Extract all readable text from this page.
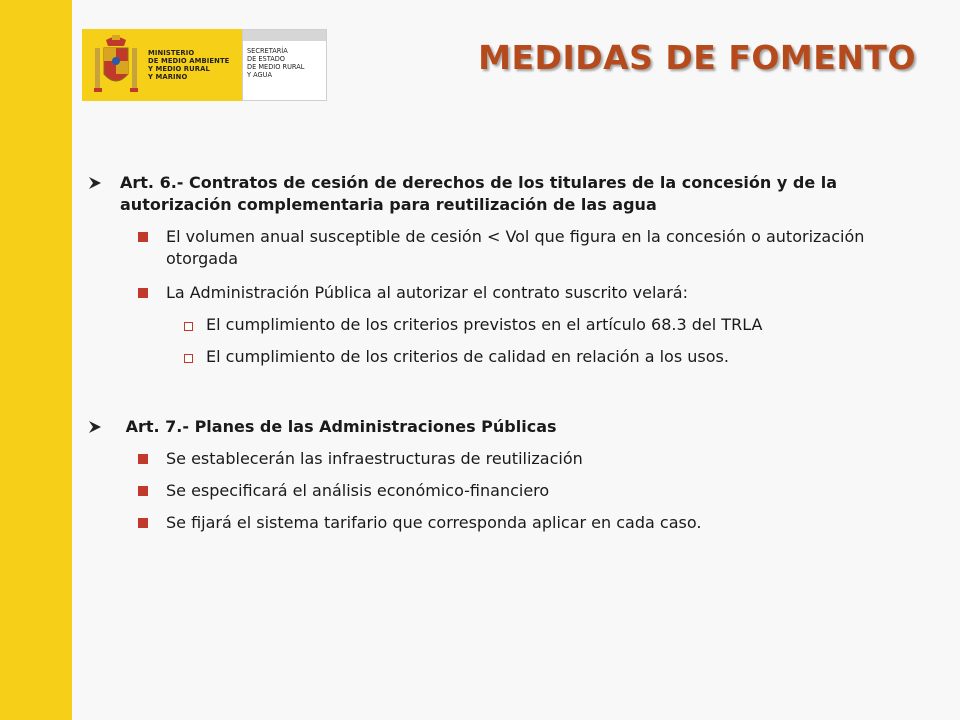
MINISTERIO
DE MEDIO AMBIENTE
Y MEDIO RURAL
Y MARINO
SECRETARÍA
DE ESTADO
DE MEDIO RURAL
Y AGUA	MEDIDAS DE FOMENTO

Art. 6.- Contratos de cesión de derechos de los titulares de la concesión y de la autorización complementaria para reutilización de las agua

El volumen anual susceptible de cesión < Vol que figura en la concesión o autorización otorgada

La Administración Pública al autorizar el contrato suscrito velará:

El cumplimiento de los criterios previstos en el artículo 68.3 del TRLA

El cumplimiento de los criterios de calidad en relación a los usos.

Art. 7.- Planes de las Administraciones Públicas

Se establecerán las infraestructuras de reutilización

Se especificará el análisis económico-financiero

Se fijará el sistema tarifario que corresponda aplicar en cada caso.
